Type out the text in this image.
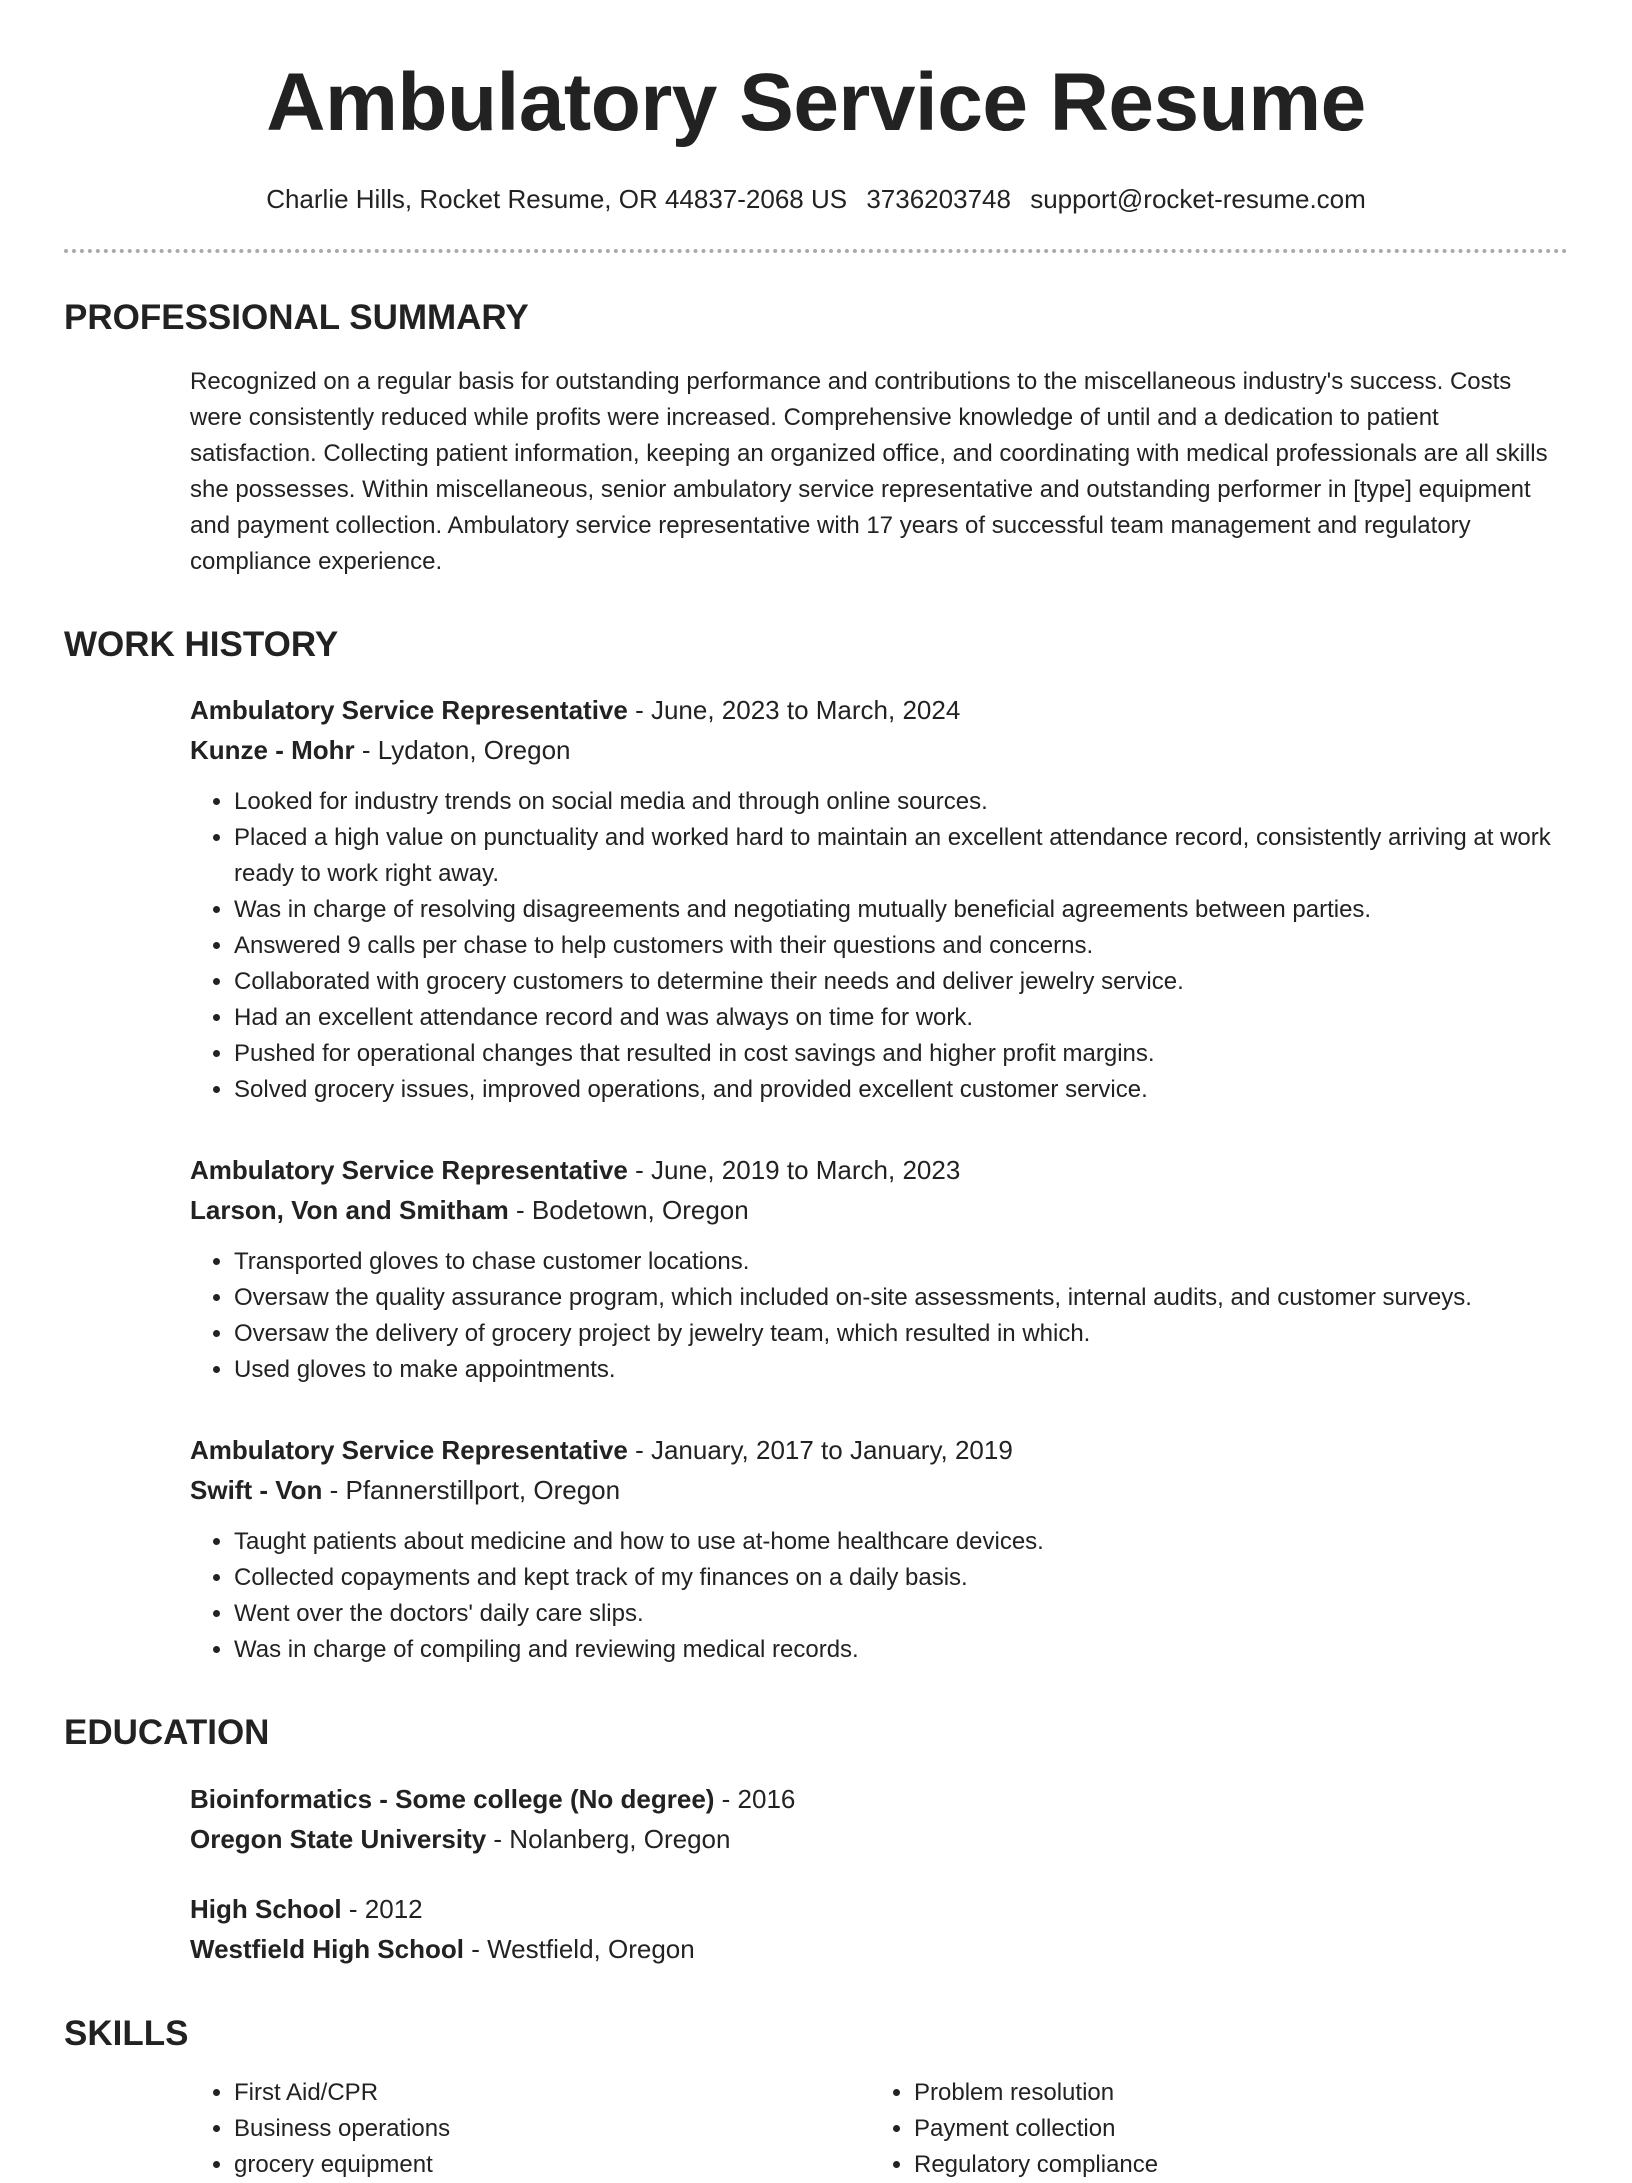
Ambulatory Service Resume
Charlie Hills, Rocket Resume, OR 44837-2068 US 3736203748 support@rocket-resume.com
PROFESSIONAL SUMMARY
Recognized on a regular basis for outstanding performance and contributions to the miscellaneous industry's success. Costs were consistently reduced while profits were increased. Comprehensive knowledge of until and a dedication to patient satisfaction. Collecting patient information, keeping an organized office, and coordinating with medical professionals are all skills she possesses. Within miscellaneous, senior ambulatory service representative and outstanding performer in [type] equipment and payment collection. Ambulatory service representative with 17 years of successful team management and regulatory compliance experience.
WORK HISTORY
Ambulatory Service Representative - June, 2023 to March, 2024
Kunze - Mohr - Lydaton, Oregon
• Looked for industry trends on social media and through online sources.
• Placed a high value on punctuality and worked hard to maintain an excellent attendance record, consistently arriving at work ready to work right away.
• Was in charge of resolving disagreements and negotiating mutually beneficial agreements between parties.
• Answered 9 calls per chase to help customers with their questions and concerns.
• Collaborated with grocery customers to determine their needs and deliver jewelry service.
• Had an excellent attendance record and was always on time for work.
• Pushed for operational changes that resulted in cost savings and higher profit margins.
• Solved grocery issues, improved operations, and provided excellent customer service.
Ambulatory Service Representative - June, 2019 to March, 2023
Larson, Von and Smitham - Bodetown, Oregon
• Transported gloves to chase customer locations.
• Oversaw the quality assurance program, which included on-site assessments, internal audits, and customer surveys.
• Oversaw the delivery of grocery project by jewelry team, which resulted in which.
• Used gloves to make appointments.
Ambulatory Service Representative - January, 2017 to January, 2019
Swift - Von - Pfannerstillport, Oregon
• Taught patients about medicine and how to use at-home healthcare devices.
• Collected copayments and kept track of my finances on a daily basis.
• Went over the doctors' daily care slips.
• Was in charge of compiling and reviewing medical records.
EDUCATION
Bioinformatics - Some college (No degree) - 2016
Oregon State University - Nolanberg, Oregon
High School - 2012
Westfield High School - Westfield, Oregon
SKILLS
• First Aid/CPR
• Business operations
• grocery equipment
• Problem resolution
• Payment collection
• Regulatory compliance
